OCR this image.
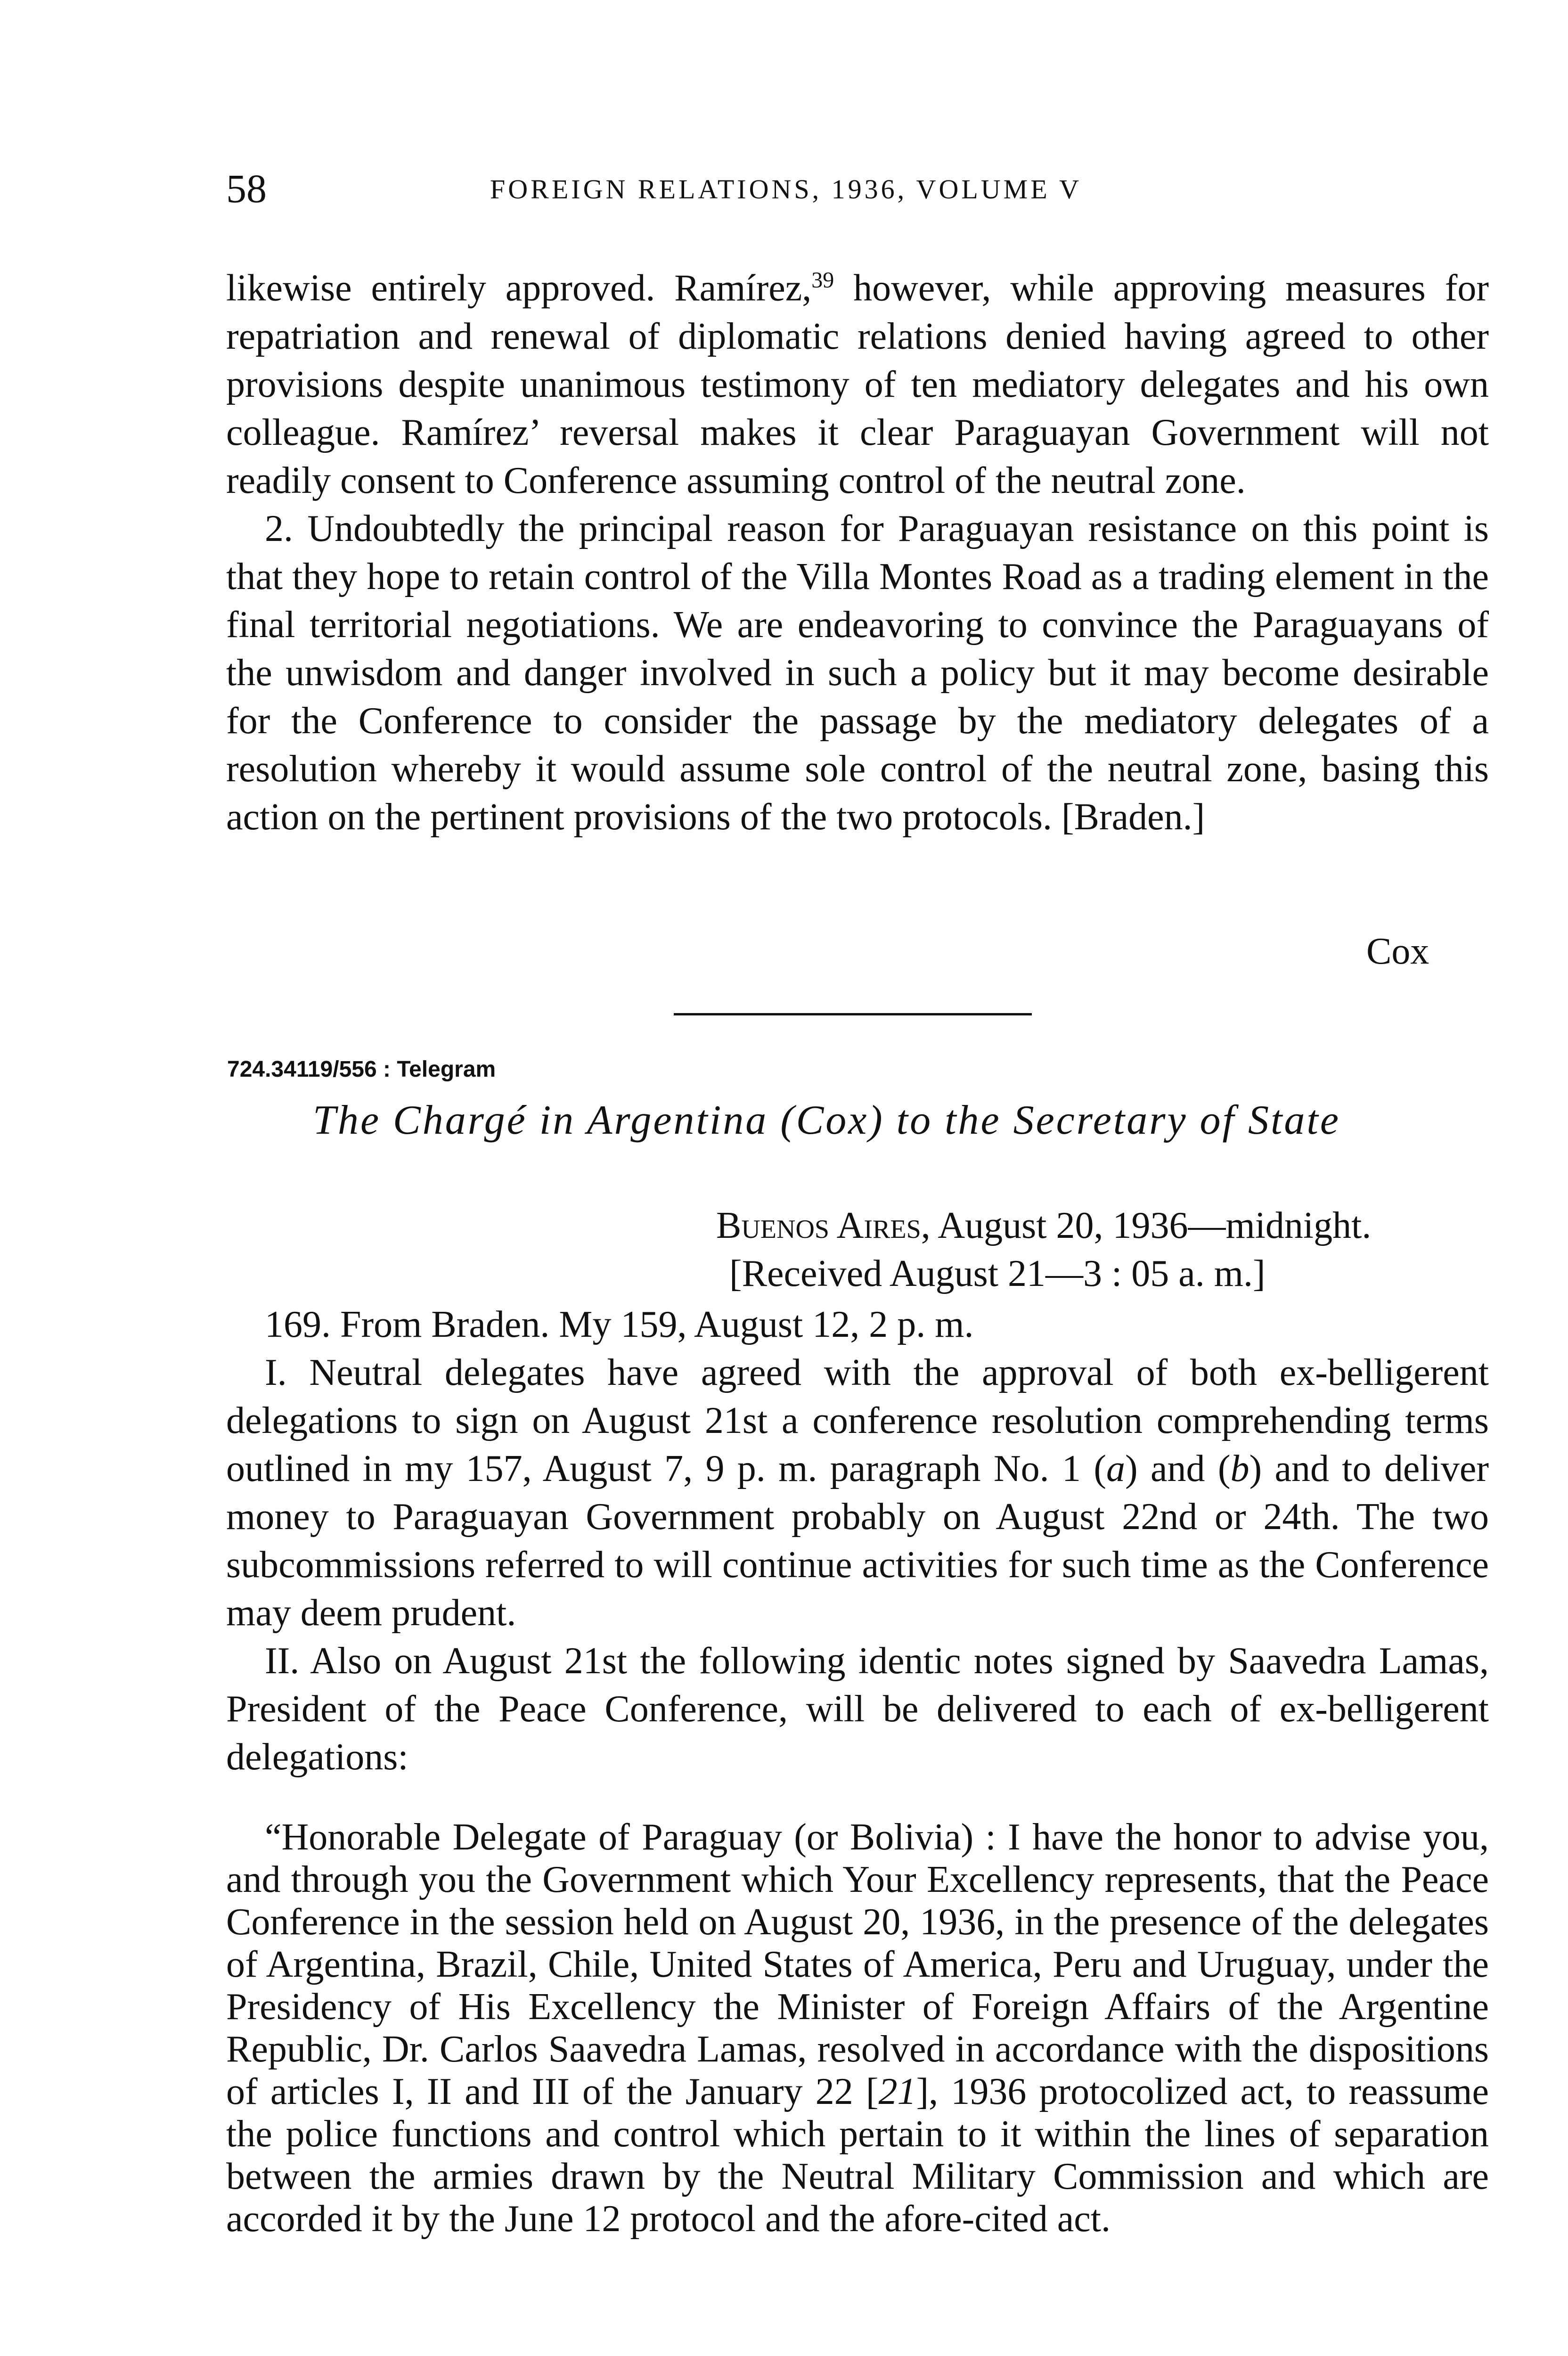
58	FOREIGN RELATIONS, 1936, VOLUME V

likewise entirely approved. Ramírez,$^{39}$ however, while approving measures for repatriation and renewal of diplomatic relations denied having agreed to other provisions despite unanimous testimony of ten mediatory delegates and his own colleague. Ramírez’ reversal makes it clear Paraguayan Government will not readily consent to Conference assuming control of the neutral zone.

2. Undoubtedly the principal reason for Paraguayan resistance on this point is that they hope to retain control of the Villa Montes Road as a trading element in the final territorial negotiations. We are endeavoring to convince the Paraguayans of the unwisdom and danger involved in such a policy but it may become desirable for the Conference to consider the passage by the mediatory delegates of a resolution whereby it would assume sole control of the neutral zone, basing this action on the pertinent provisions of the two protocols. [Braden.]

Cox
724.34119/556 : Telegram
The Chargé in Argentina (Cox) to the Secretary of State
Buenos Aires, August 20, 1936—midnight.
[Received August 21—3 : 05 a. m.]

169. From Braden. My 159, August 12, 2 p. m.

I. Neutral delegates have agreed with the approval of both ex-belligerent delegations to sign on August 21st a conference resolution comprehending terms outlined in my 157, August 7, 9 p. m. paragraph No. 1 (a) and (b) and to deliver money to Paraguayan Government probably on August 22nd or 24th. The two subcommissions referred to will continue activities for such time as the Conference may deem prudent.

II. Also on August 21st the following identic notes signed by Saavedra Lamas, President of the Peace Conference, will be delivered to each of ex-belligerent delegations:

“Honorable Delegate of Paraguay (or Bolivia) : I have the honor to advise you, and through you the Government which Your Excellency represents, that the Peace Conference in the session held on August 20, 1936, in the presence of the delegates of Argentina, Brazil, Chile, United States of America, Peru and Uruguay, under the Presidency of His Excellency the Minister of Foreign Affairs of the Argentine Republic, Dr. Carlos Saavedra Lamas, resolved in accordance with the dispositions of articles I, II and III of the January 22 [21], 1936 protocolized act, to reassume the police functions and control which pertain to it within the lines of separation between the armies drawn by the Neutral Military Commission and which are accorded it by the June 12 protocol and the afore-cited act.
